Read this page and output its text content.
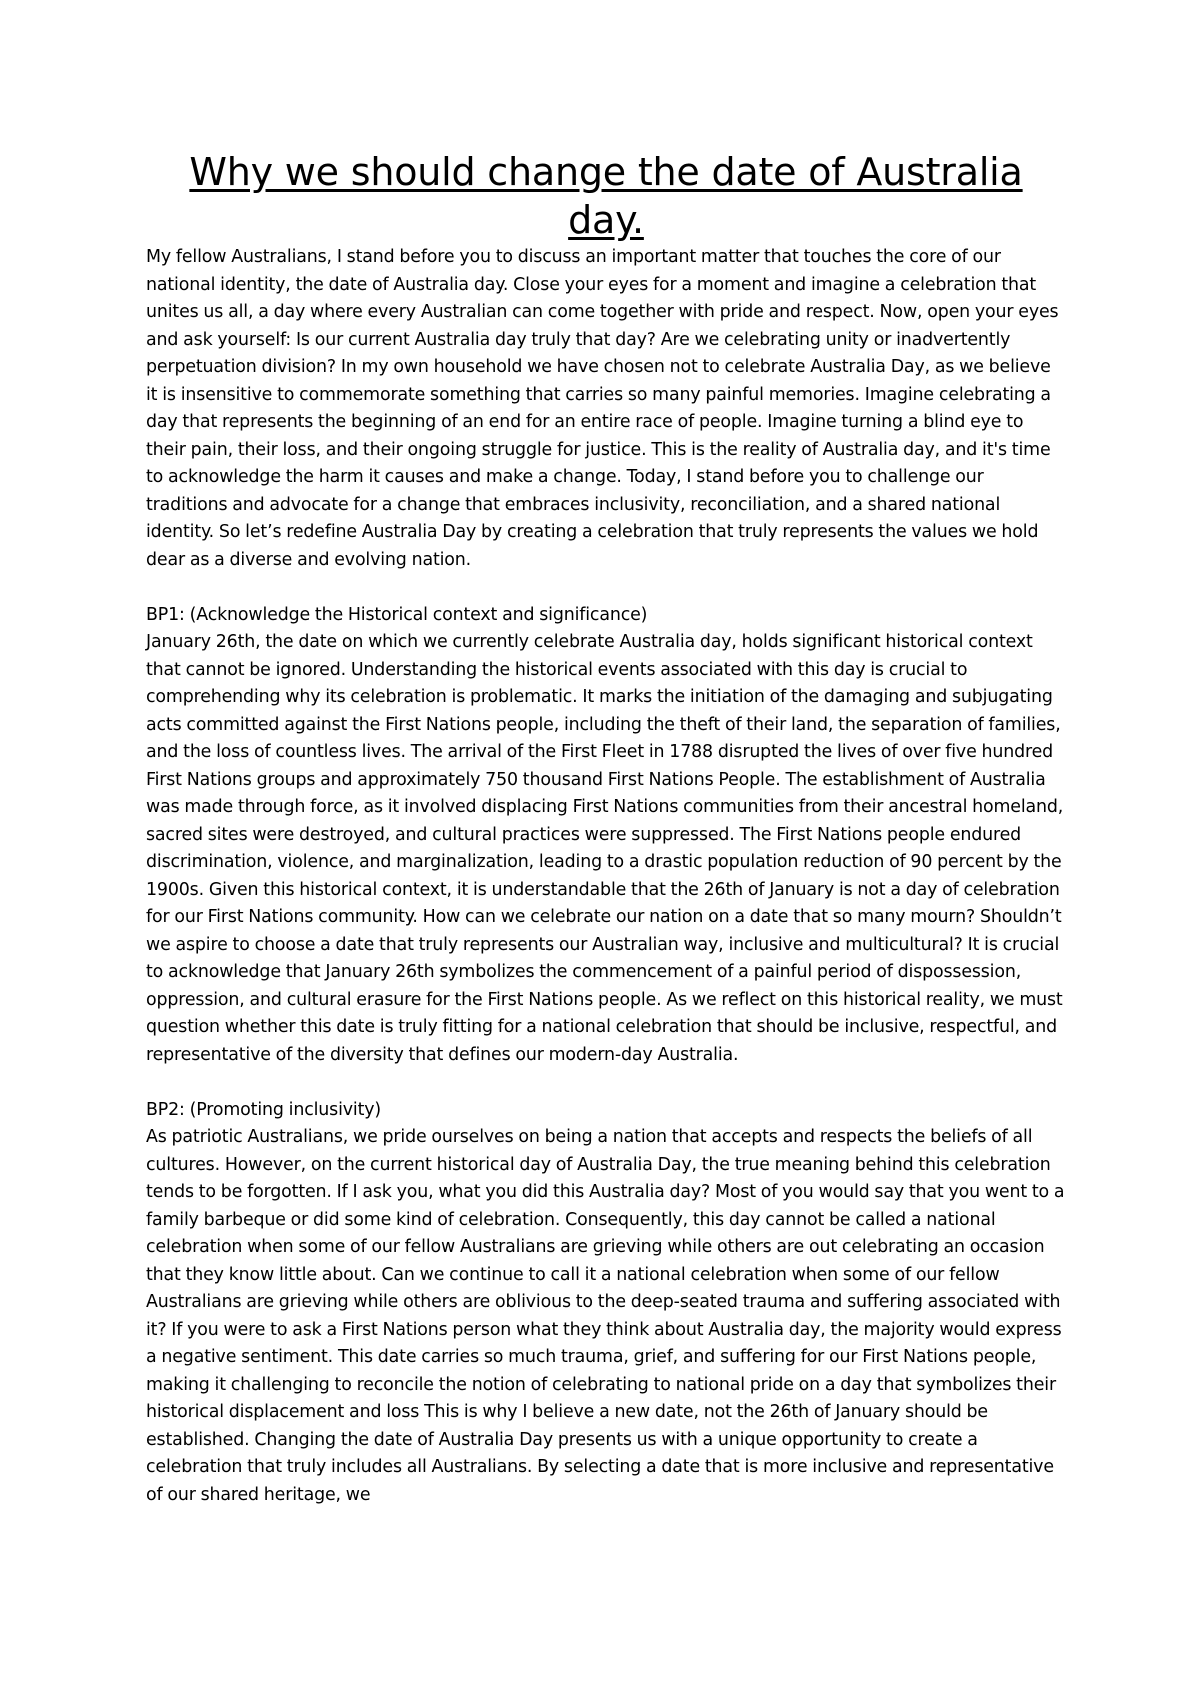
Why we should change the date of Australia day.

My fellow Australians, I stand before you to discuss an important matter that touches the core of our national identity, the date of Australia day. Close your eyes for a moment and imagine a celebration that unites us all, a day where every Australian can come together with pride and respect. Now, open your eyes and ask yourself: Is our current Australia day truly that day? Are we celebrating unity or inadvertently perpetuation division? In my own household we have chosen not to celebrate Australia Day, as we believe it is insensitive to commemorate something that carries so many painful memories. Imagine celebrating a day that represents the beginning of an end for an entire race of people. Imagine turning a blind eye to their pain, their loss, and their ongoing struggle for justice. This is the reality of Australia day, and it's time to acknowledge the harm it causes and make a change. Today, I stand before you to challenge our traditions and advocate for a change that embraces inclusivity, reconciliation, and a shared national identity. So let’s redefine Australia Day by creating a celebration that truly represents the values we hold dear as a diverse and evolving nation.

BP1: (Acknowledge the Historical context and significance)

January 26th, the date on which we currently celebrate Australia day, holds significant historical context that cannot be ignored. Understanding the historical events associated with this day is crucial to comprehending why its celebration is problematic. It marks the initiation of the damaging and subjugating acts committed against the First Nations people, including the theft of their land, the separation of families, and the loss of countless lives. The arrival of the First Fleet in 1788 disrupted the lives of over five hundred First Nations groups and approximately 750 thousand First Nations People. The establishment of Australia was made through force, as it involved displacing First Nations communities from their ancestral homeland, sacred sites were destroyed, and cultural practices were suppressed. The First Nations people endured discrimination, violence, and marginalization, leading to a drastic population reduction of 90 percent by the 1900s. Given this historical context, it is understandable that the 26th of January is not a day of celebration for our First Nations community. How can we celebrate our nation on a date that so many mourn? Shouldn’t we aspire to choose a date that truly represents our Australian way, inclusive and multicultural? It is crucial to acknowledge that January 26th symbolizes the commencement of a painful period of dispossession, oppression, and cultural erasure for the First Nations people. As we reflect on this historical reality, we must question whether this date is truly fitting for a national celebration that should be inclusive, respectful, and representative of the diversity that defines our modern-day Australia.

BP2: (Promoting inclusivity)

As patriotic Australians, we pride ourselves on being a nation that accepts and respects the beliefs of all cultures. However, on the current historical day of Australia Day, the true meaning behind this celebration tends to be forgotten. If I ask you, what you did this Australia day? Most of you would say that you went to a family barbeque or did some kind of celebration. Consequently, this day cannot be called a national celebration when some of our fellow Australians are grieving while others are out celebrating an occasion that they know little about. Can we continue to call it a national celebration when some of our fellow Australians are grieving while others are oblivious to the deep-seated trauma and suffering associated with it? If you were to ask a First Nations person what they think about Australia day, the majority would express a negative sentiment. This date carries so much trauma, grief, and suffering for our First Nations people, making it challenging to reconcile the notion of celebrating to national pride on a day that symbolizes their historical displacement and loss This is why I believe a new date, not the 26th of January should be established. Changing the date of Australia Day presents us with a unique opportunity to create a celebration that truly includes all Australians. By selecting a date that is more inclusive and representative of our shared heritage, we
